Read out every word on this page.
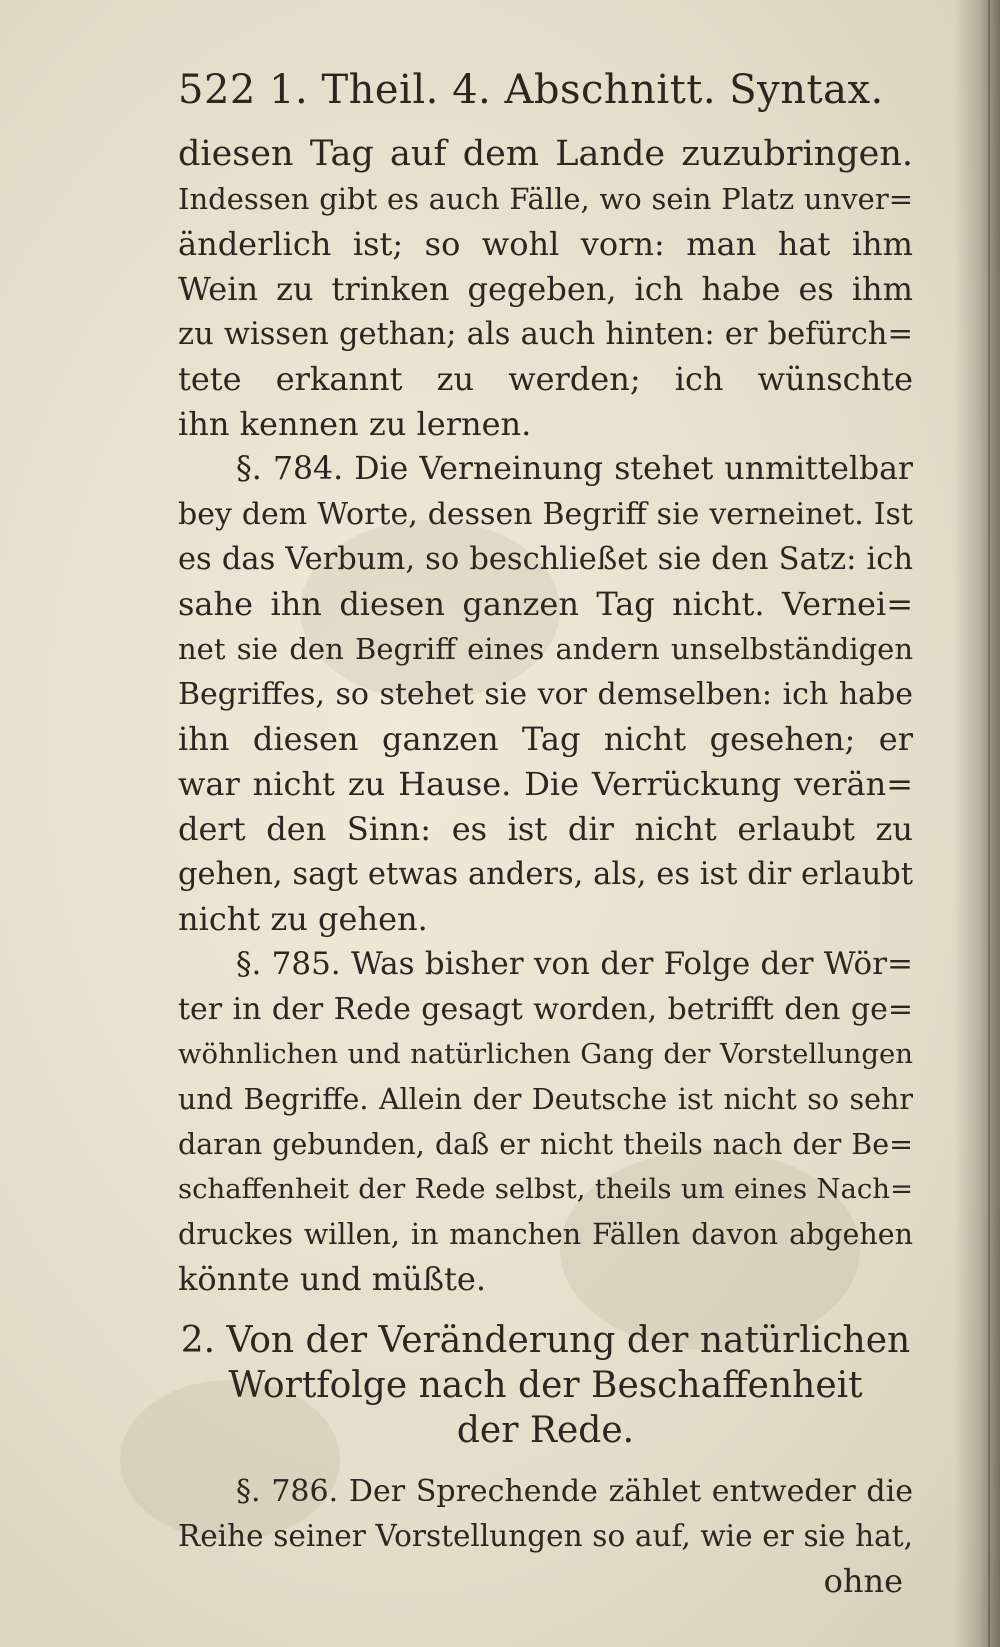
522 1. Theil. 4. Abschnitt. Syntax.
diesen Tag auf dem Lande zuzubringen.
Indessen gibt es auch Fälle, wo sein Platz unver=
änderlich ist; so wohl vorn: man hat ihm
Wein zu trinken gegeben, ich habe es ihm
zu wissen gethan; als auch hinten: er befürch=
tete erkannt zu werden; ich wünschte
ihn kennen zu lernen.
§. 784. Die Verneinung stehet unmittelbar
bey dem Worte, dessen Begriff sie verneinet. Ist
es das Verbum, so beschließet sie den Satz: ich
sahe ihn diesen ganzen Tag nicht. Vernei=
net sie den Begriff eines andern unselbständigen
Begriffes, so stehet sie vor demselben: ich habe
ihn diesen ganzen Tag nicht gesehen; er
war nicht zu Hause. Die Verrückung verän=
dert den Sinn: es ist dir nicht erlaubt zu
gehen, sagt etwas anders, als, es ist dir erlaubt
nicht zu gehen.
§. 785. Was bisher von der Folge der Wör=
ter in der Rede gesagt worden, betrifft den ge=
wöhnlichen und natürlichen Gang der Vorstellungen
und Begriffe. Allein der Deutsche ist nicht so sehr
daran gebunden, daß er nicht theils nach der Be=
schaffenheit der Rede selbst, theils um eines Nach=
druckes willen, in manchen Fällen davon abgehen
könnte und müßte.
2. Von der Veränderung der natürlichen
Wortfolge nach der Beschaffenheit
der Rede.
§. 786. Der Sprechende zählet entweder die
Reihe seiner Vorstellungen so auf, wie er sie hat,
ohne
